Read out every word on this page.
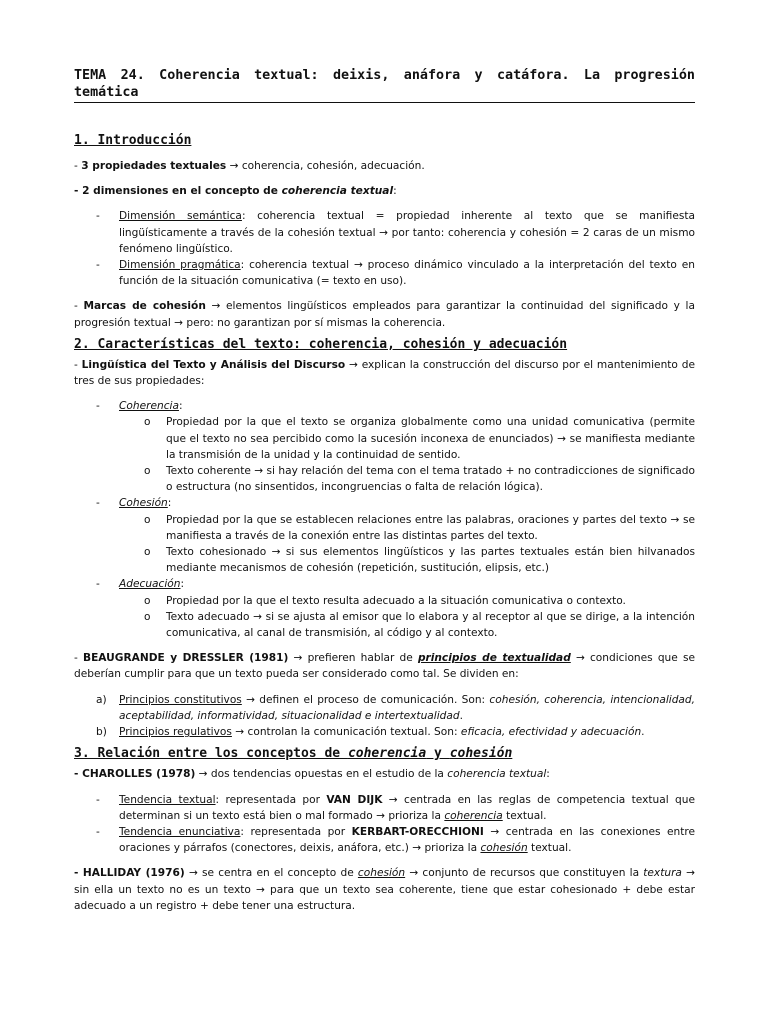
TEMA 24. Coherencia textual: deixis, anáfora y catáfora. La progresión temática
1. Introducción

- 3 propiedades textuales → coherencia, cohesión, adecuación.

- 2 dimensiones en el concepto de coherencia textual:

- Dimensión semántica: coherencia textual = propiedad inherente al texto que se manifiesta lingüísticamente a través de la cohesión textual → por tanto: coherencia y cohesión = 2 caras de un mismo fenómeno lingüístico.
- Dimensión pragmática: coherencia textual → proceso dinámico vinculado a la interpretación del texto en función de la situación comunicativa (= texto en uso).

- Marcas de cohesión → elementos lingüísticos empleados para garantizar la continuidad del significado y la progresión textual → pero: no garantizan por sí mismas la coherencia.

2. Características del texto: coherencia, cohesión y adecuación

- Lingüística del Texto y Análisis del Discurso → explican la construcción del discurso por el mantenimiento de tres de sus propiedades:

- Coherencia:
o Propiedad por la que el texto se organiza globalmente como una unidad comunicativa (permite que el texto no sea percibido como la sucesión inconexa de enunciados) → se manifiesta mediante la transmisión de la unidad y la continuidad de sentido.
o Texto coherente → si hay relación del tema con el tema tratado + no contradicciones de significado o estructura (no sinsentidos, incongruencias o falta de relación lógica).
- Cohesión:
o Propiedad por la que se establecen relaciones entre las palabras, oraciones y partes del texto → se manifiesta a través de la conexión entre las distintas partes del texto.
o Texto cohesionado → si sus elementos lingüísticos y las partes textuales están bien hilvanados mediante mecanismos de cohesión (repetición, sustitución, elipsis, etc.)
- Adecuación:
o Propiedad por la que el texto resulta adecuado a la situación comunicativa o contexto.
o Texto adecuado → si se ajusta al emisor que lo elabora y al receptor al que se dirige, a la intención comunicativa, al canal de transmisión, al código y al contexto.

- BEAUGRANDE y DRESSLER (1981) → prefieren hablar de principios de textualidad → condiciones que se deberían cumplir para que un texto pueda ser considerado como tal. Se dividen en:

a) Principios constitutivos → definen el proceso de comunicación. Son: cohesión, coherencia, intencionalidad, aceptabilidad, informatividad, situacionalidad e intertextualidad.
b) Principios regulativos → controlan la comunicación textual. Son: eficacia, efectividad y adecuación.
3. Relación entre los conceptos de coherencia y cohesión

- CHAROLLES (1978) → dos tendencias opuestas en el estudio de la coherencia textual:

- Tendencia textual: representada por VAN DIJK → centrada en las reglas de competencia textual que determinan si un texto está bien o mal formado → prioriza la coherencia textual.
- Tendencia enunciativa: representada por KERBART-ORECCHIONI → centrada en las conexiones entre oraciones y párrafos (conectores, deixis, anáfora, etc.) → prioriza la cohesión textual.

- HALLIDAY (1976) → se centra en el concepto de cohesión → conjunto de recursos que constituyen la textura → sin ella un texto no es un texto → para que un texto sea coherente, tiene que estar cohesionado + debe estar adecuado a un registro + debe tener una estructura.
